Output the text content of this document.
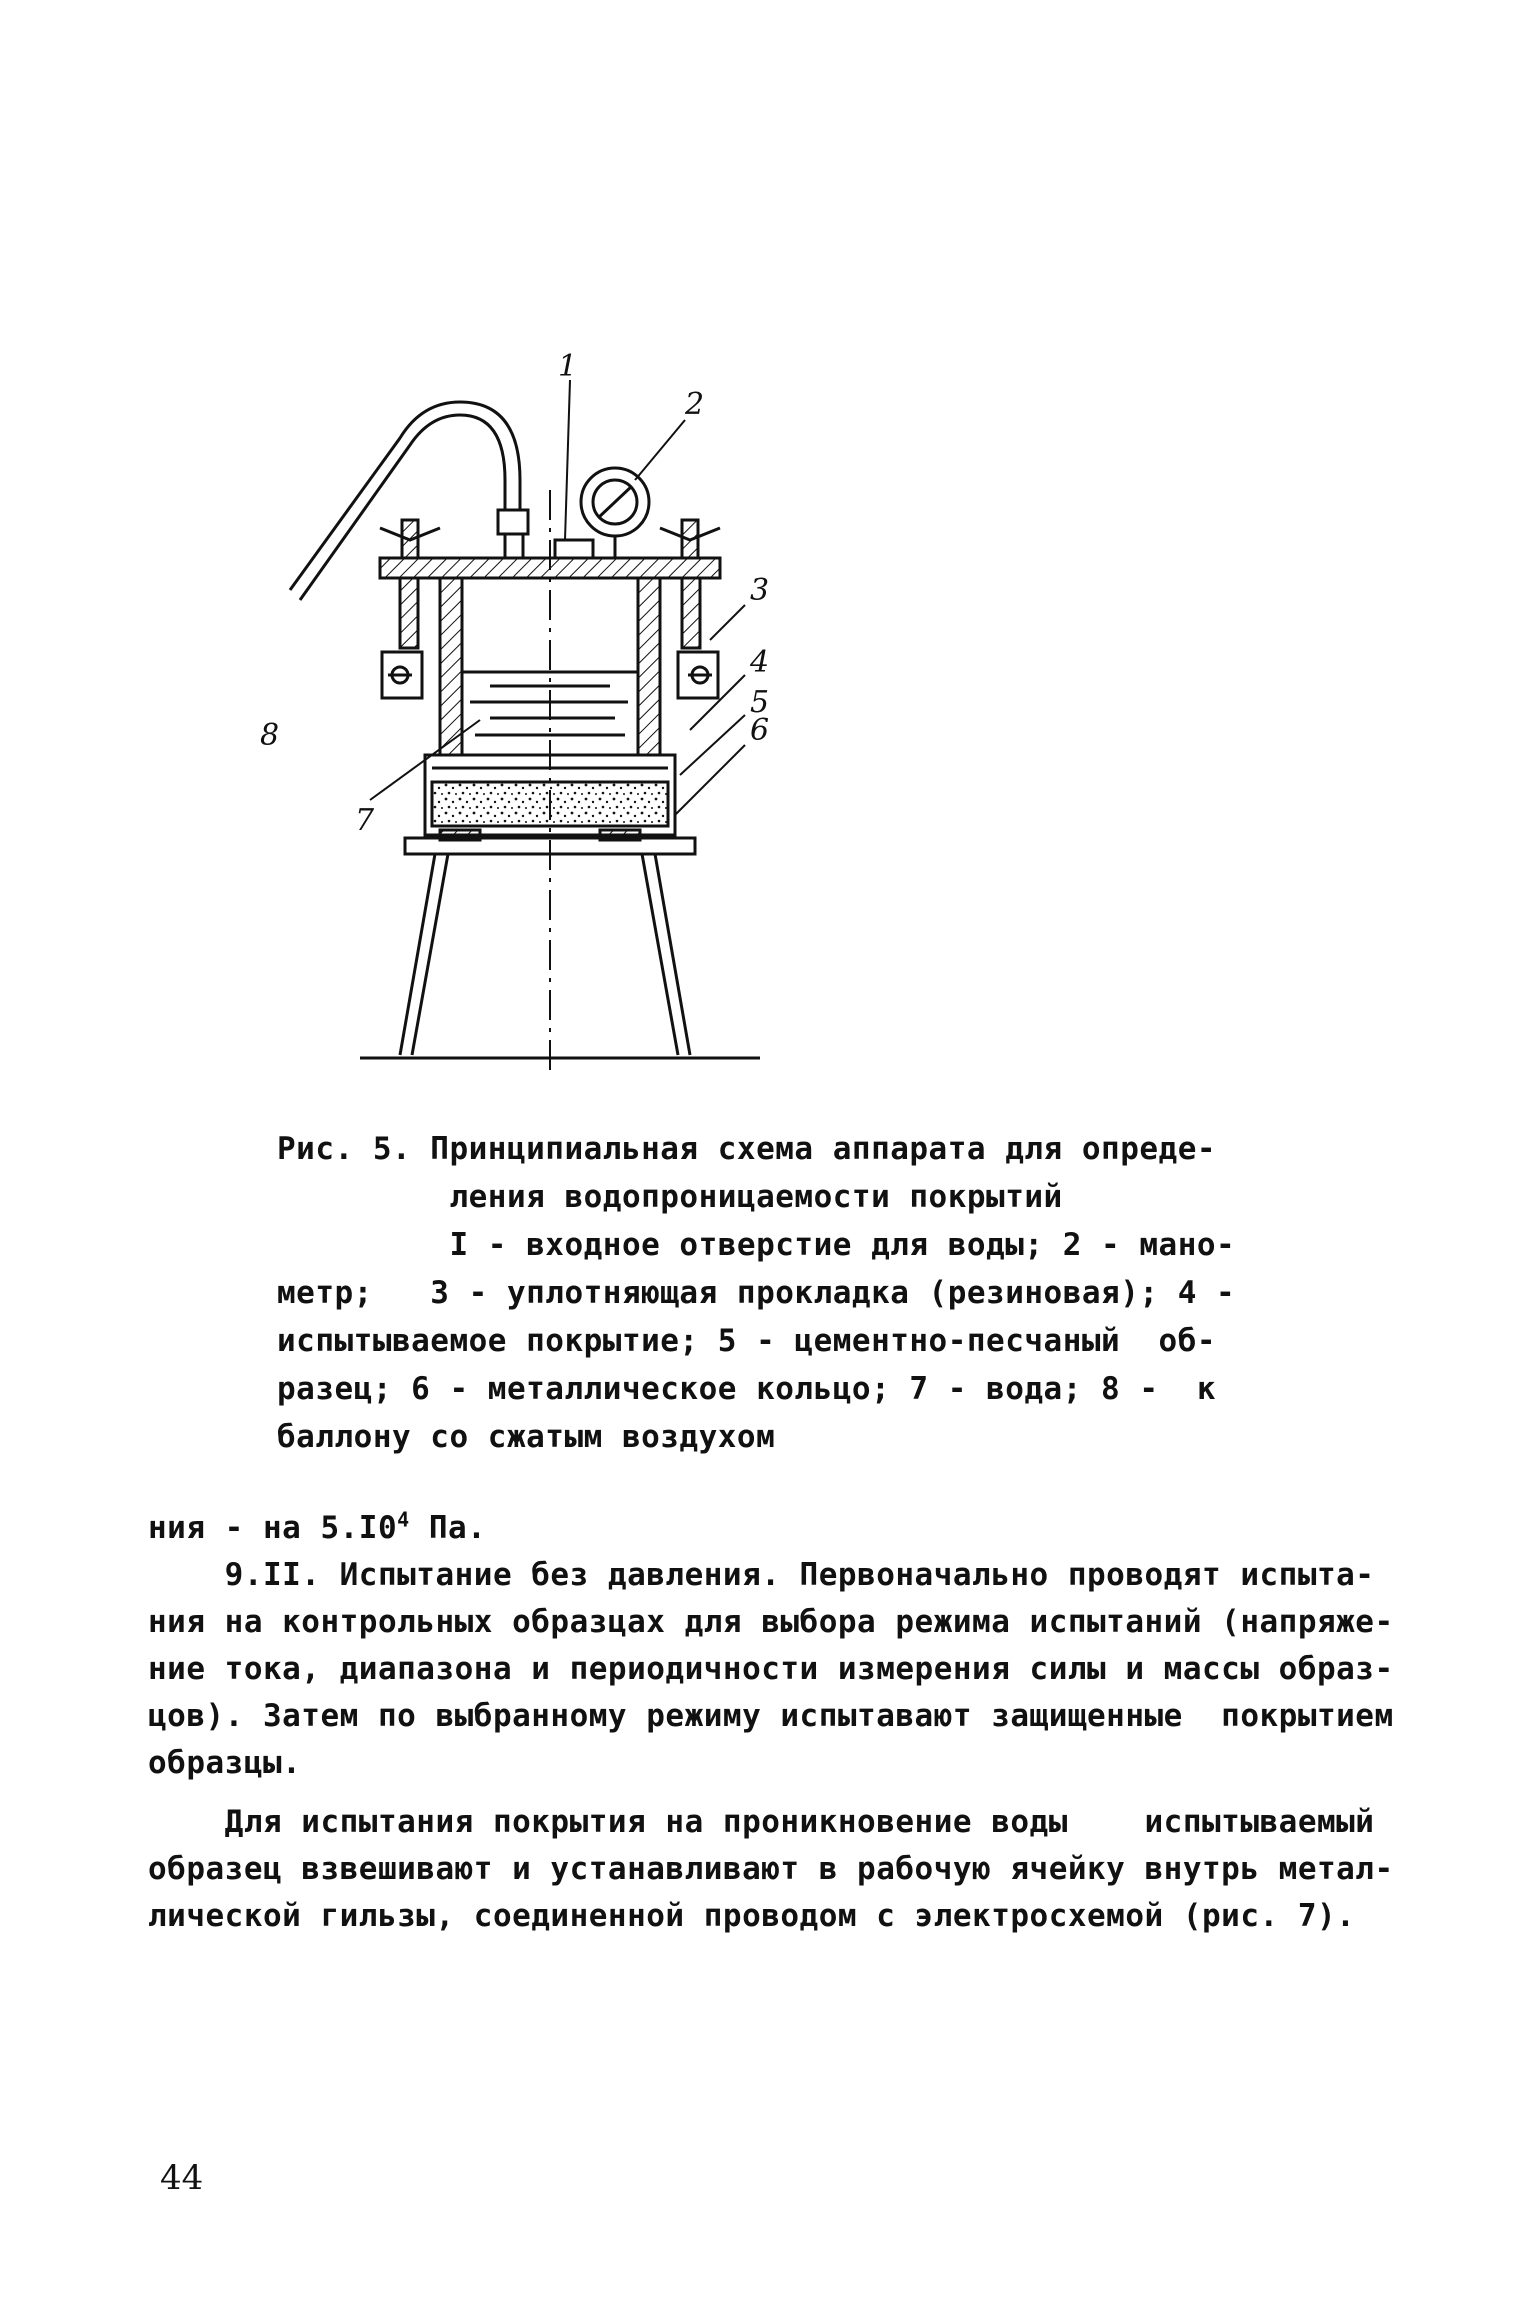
1
2
3
4
5
6
7
8
Рис. 5. Принципиальная схема аппарата для опреде-
ления водопроницаемости покрытий
I - входное отверстие для воды; 2 - мано-
метр;   3 - уплотняющая прокладка (резиновая); 4 -
испытываемое покрытие; 5 - цементно-песчаный  об-
разец; 6 - металлическое кольцо; 7 - вода; 8 -  к
баллону со сжатым воздухом
ния - на $5.I0^4$ Па.
9.II. Испытание без давления. Первоначально проводят испыта-
ния на контрольных образцах для выбора режима испытаний (напряже-
ние тока, диапазона и периодичности измерения силы и массы образ-
цов). Затем по выбранному режиму испытавают защищенные  покрытием
образцы.
Для испытания покрытия на проникновение воды    испытываемый
образец взвешивают и устанавливают в рабочую ячейку внутрь метал-
лической гильзы, соединенной проводом с электросхемой (рис. 7).
44
